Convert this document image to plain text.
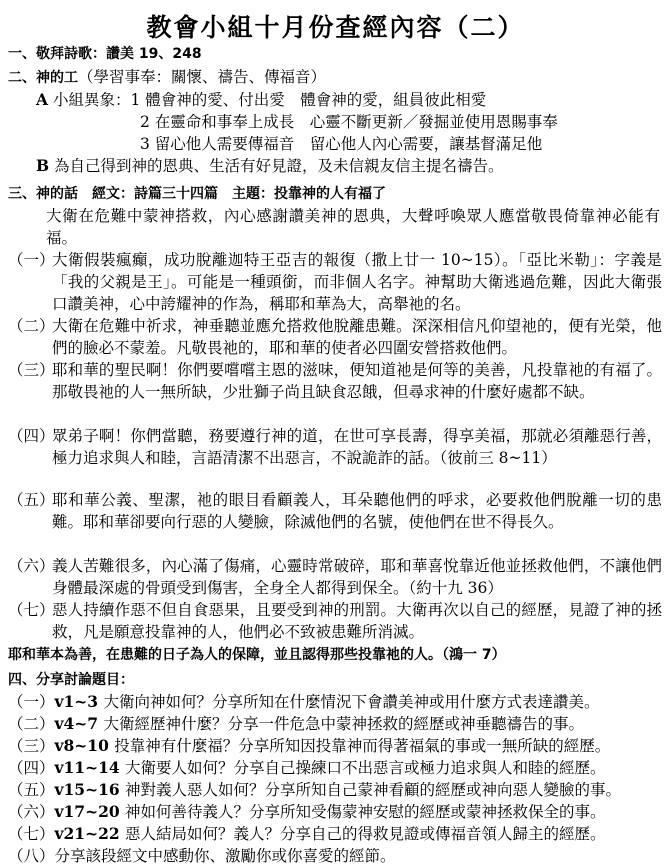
教會小組十月份查經內容（二）
一、敬拜詩歌：讚美 19、248
二、神的工（學習事奉：關懷、禱告、傳福音）
A 小組異象：1 體會神的愛、付出愛　體會神的愛，組員彼此相愛
2 在靈命和事奉上成長　心靈不斷更新／發掘並使用恩賜事奉
3 留心他人需要傳福音　留心他人內心需要，讓基督滿足他
B 為自己得到神的恩典、生活有好見證，及未信親友信主提名禱告。
三、神的話　經文：詩篇三十四篇　主題：投靠神的人有福了
大衛在危難中蒙神搭救，內心感謝讚美神的恩典，大聲呼喚眾人應當敬畏倚靠神必能有福。
（一）
大衛假裝瘋癲，成功脫離迦特王亞吉的報復（撒上廿一 10~15）。「亞比米勒」：字義是「我的父親是王」。可能是一種頭銜，而非個人名字。神幫助大衛逃過危難，因此大衛張口讚美神，心中誇耀神的作為，稱耶和華為大，高舉祂的名。
（二）
大衛在危難中祈求，神垂聽並應允搭救他脫離患難。深深相信凡仰望祂的，便有光榮，他們的臉必不蒙羞。凡敬畏祂的，耶和華的使者必四圍安營搭救他們。
（三）
耶和華的聖民啊！你們要嚐嚐主恩的滋味，便知道祂是何等的美善，凡投靠祂的有福了。那敬畏祂的人一無所缺，少壯獅子尚且缺食忍餓，但尋求神的什麼好處都不缺。
（四）
眾弟子啊！你們當聽，務要遵行神的道，在世可享長壽，得享美福，那就必須離惡行善，極力追求與人和睦，言語清潔不出惡言，不說詭詐的話。（彼前三 8~11）
（五）
耶和華公義、聖潔，祂的眼目看顧義人，耳朵聽他們的呼求，必要救他們脫離一切的患難。耶和華卻要向行惡的人變臉，除滅他們的名號，使他們在世不得長久。
（六）
義人苦難很多，內心滿了傷痛，心靈時常破碎，耶和華喜悅靠近他並拯救他們，不讓他們身體最深處的骨頭受到傷害，全身全人都得到保全。（約十九 36）
（七）
惡人持續作惡不但自食惡果，且要受到神的刑罰。大衛再次以自己的經歷，見證了神的拯救，凡是願意投靠神的人，他們必不致被患難所消滅。
耶和華本為善，在患難的日子為人的保障，並且認得那些投靠祂的人。（鴻一 7）
四、分享討論題目：
（一）v1~3 大衛向神如何？分享所知在什麼情況下會讚美神或用什麼方式表達讚美。
（二）v4~7 大衛經歷神什麼？分享一件危急中蒙神拯救的經歷或神垂聽禱告的事。
（三）v8~10 投靠神有什麼福？分享所知因投靠神而得著福氣的事或一無所缺的經歷。
（四）v11~14 大衛要人如何？分享自己操練口不出惡言或極力追求與人和睦的經歷。
（五）v15~16 神對義人惡人如何？分享所知自己蒙神看顧的經歷或神向惡人變臉的事。
（六）v17~20 神如何善待義人？分享所知受傷蒙神安慰的經歷或蒙神拯救保全的事。
（七）v21~22 惡人結局如何？義人？分享自己的得救見證或傳福音領人歸主的經歷。
（八）分享該段經文中感動你、激勵你或你喜愛的經節。
